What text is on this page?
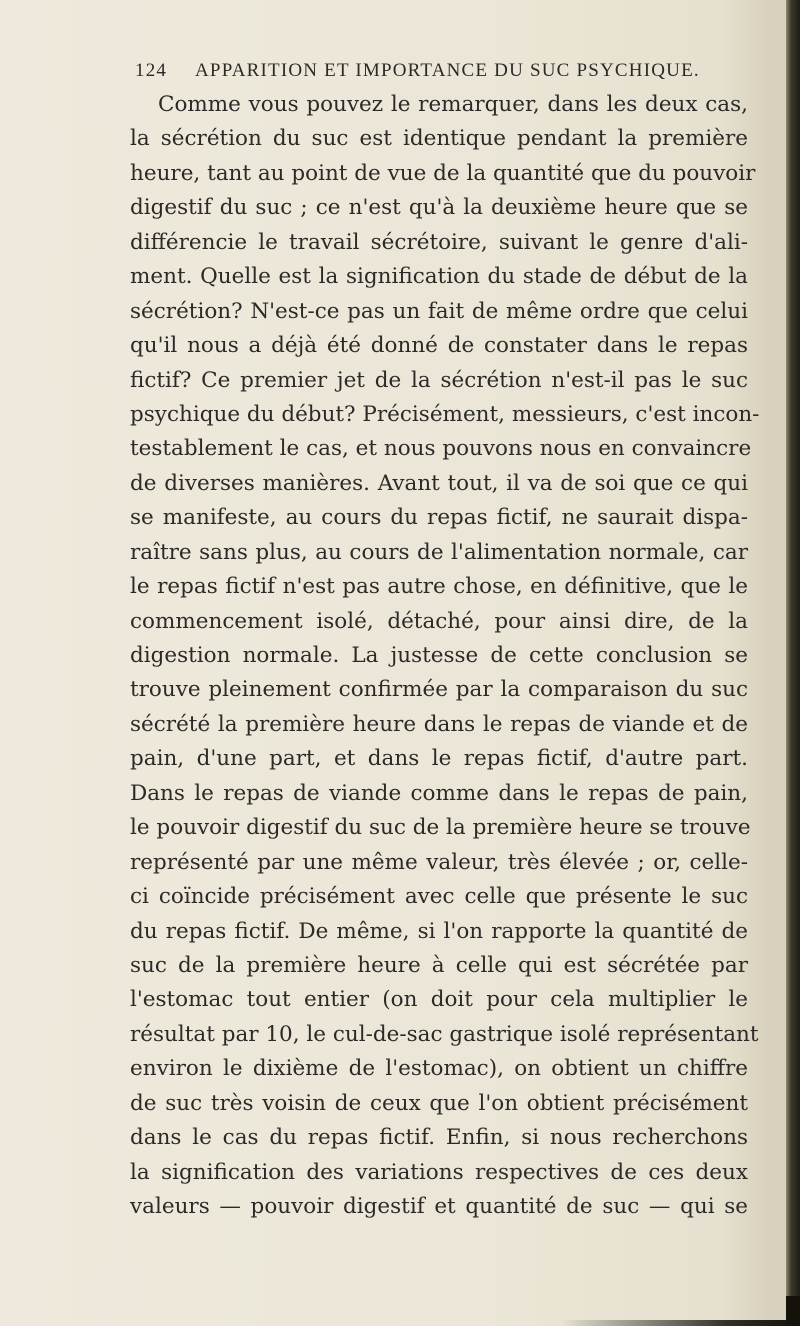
124 APPARITION ET IMPORTANCE DU SUC PSYCHIQUE.
Comme vous pouvez le remarquer, dans les deux cas,
la sécrétion du suc est identique pendant la première
heure, tant au point de vue de la quantité que du pouvoir
digestif du suc ; ce n'est qu'à la deuxième heure que se
différencie le travail sécrétoire, suivant le genre d'ali-
ment. Quelle est la signification du stade de début de la
sécrétion? N'est-ce pas un fait de même ordre que celui
qu'il nous a déjà été donné de constater dans le repas
fictif? Ce premier jet de la sécrétion n'est-il pas le suc
psychique du début? Précisément, messieurs, c'est incon-
testablement le cas, et nous pouvons nous en convaincre
de diverses manières. Avant tout, il va de soi que ce qui
se manifeste, au cours du repas fictif, ne saurait dispa-
raître sans plus, au cours de l'alimentation normale, car
le repas fictif n'est pas autre chose, en définitive, que le
commencement isolé, détaché, pour ainsi dire, de la
digestion normale. La justesse de cette conclusion se
trouve pleinement confirmée par la comparaison du suc
sécrété la première heure dans le repas de viande et de
pain, d'une part, et dans le repas fictif, d'autre part.
Dans le repas de viande comme dans le repas de pain,
le pouvoir digestif du suc de la première heure se trouve
représenté par une même valeur, très élevée ; or, celle-
ci coïncide précisément avec celle que présente le suc
du repas fictif. De même, si l'on rapporte la quantité de
suc de la première heure à celle qui est sécrétée par
l'estomac tout entier (on doit pour cela multiplier le
résultat par 10, le cul-de-sac gastrique isolé représentant
environ le dixième de l'estomac), on obtient un chiffre
de suc très voisin de ceux que l'on obtient précisément
dans le cas du repas fictif. Enfin, si nous recherchons
la signification des variations respectives de ces deux
valeurs — pouvoir digestif et quantité de suc — qui se
